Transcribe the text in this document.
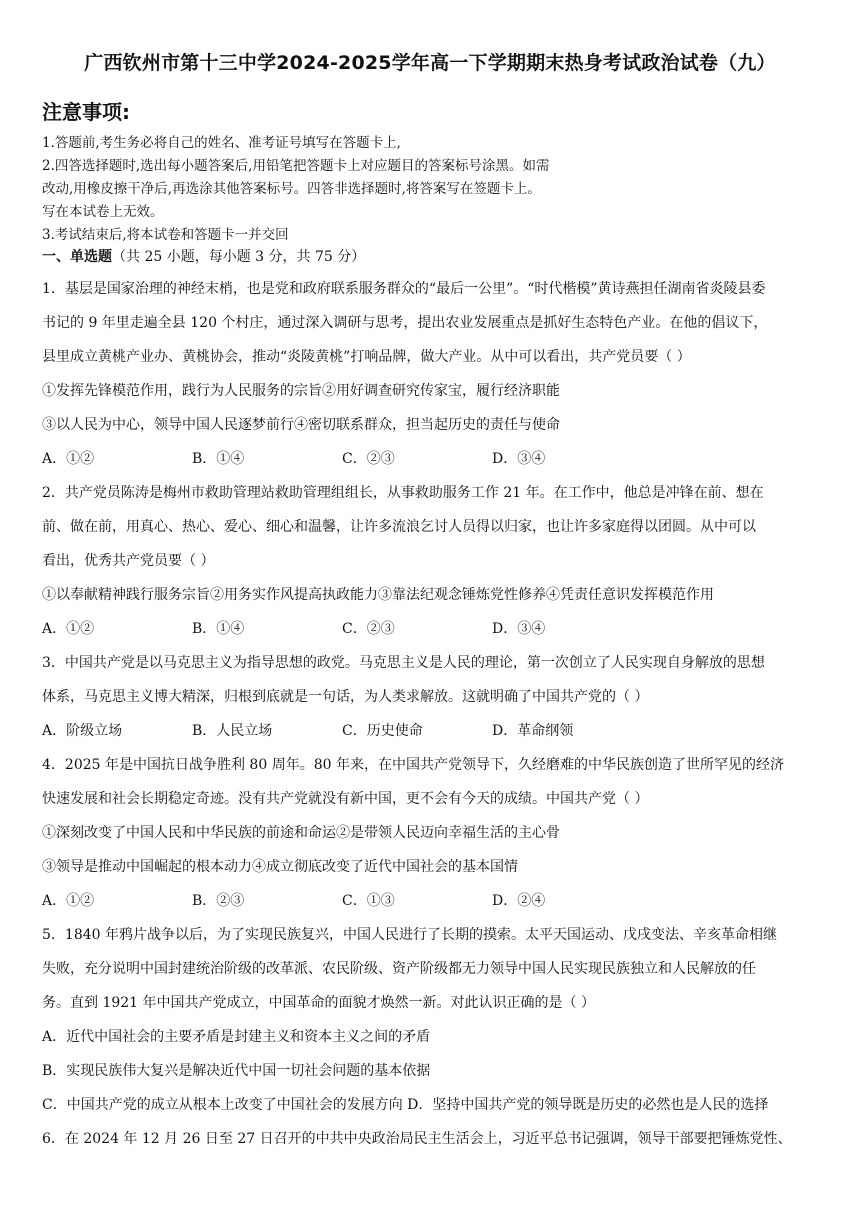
广西钦州市第十三中学2024-2025学年高一下学期期末热身考试政治试卷（九）
注意事项:

1.答题前,考生务必将自己的姓名、准考证号填写在答题卡上,

2.四答选择题时,选出每小题答案后,用铅笔把答题卡上对应题目的答案标号涂黑。如需

改动,用橡皮擦干净后,再选涂其他答案标号。四答非选择题时,将答案写在签题卡上。

写在本试卷上无效。

3.考试结束后,将本试卷和答题卡一并交回

一、单选题（共 25 小题，每小题 3 分，共 75 分）
1．基层是国家治理的神经末梢，也是党和政府联系服务群众的“最后一公里”。“时代楷模”黄诗燕担任湖南省炎陵县委
书记的 9 年里走遍全县 120 个村庄，通过深入调研与思考，提出农业发展重点是抓好生态特色产业。在他的倡议下，
县里成立黄桃产业办、黄桃协会，推动“炎陵黄桃”打响品牌，做大产业。从中可以看出，共产党员要（ ）
①发挥先锋模范作用，践行为人民服务的宗旨②用好调查研究传家宝，履行经济职能
③以人民为中心，领导中国人民逐梦前行④密切联系群众，担当起历史的责任与使命
A．①②	B．①④	C．②③	D．③④
2．共产党员陈涛是梅州市救助管理站救助管理组组长，从事救助服务工作 21 年。在工作中，他总是冲锋在前、想在
前、做在前，用真心、热心、爱心、细心和温馨，让许多流浪乞讨人员得以归家，也让许多家庭得以团圆。从中可以
看出，优秀共产党员要（ ）
①以奉献精神践行服务宗旨②用务实作风提高执政能力③靠法纪观念锤炼党性修养④凭责任意识发挥模范作用
A．①②	B．①④	C．②③	D．③④
3．中国共产党是以马克思主义为指导思想的政党。马克思主义是人民的理论，第一次创立了人民实现自身解放的思想
体系，马克思主义博大精深，归根到底就是一句话，为人类求解放。这就明确了中国共产党的（ ）
A．阶级立场	B．人民立场	C．历史使命	D．革命纲领
4．2025 年是中国抗日战争胜利 80 周年。80 年来，在中国共产党领导下，久经磨难的中华民族创造了世所罕见的经济
快速发展和社会长期稳定奇迹。没有共产党就没有新中国，更不会有今天的成绩。中国共产党（ ）
①深刻改变了中国人民和中华民族的前途和命运②是带领人民迈向幸福生活的主心骨
③领导是推动中国崛起的根本动力④成立彻底改变了近代中国社会的基本国情
A．①②	B．②③	C．①③	D．②④
5．1840 年鸦片战争以后，为了实现民族复兴，中国人民进行了长期的摸索。太平天国运动、戊戌变法、辛亥革命相继
失败，充分说明中国封建统治阶级的改革派、农民阶级、资产阶级都无力领导中国人民实现民族独立和人民解放的任
务。直到 1921 年中国共产党成立，中国革命的面貌才焕然一新。对此认识正确的是（ ）
A．近代中国社会的主要矛盾是封建主义和资本主义之间的矛盾
B．实现民族伟大复兴是解决近代中国一切社会问题的基本依据
C．中国共产党的成立从根本上改变了中国社会的发展方向 D．坚持中国共产党的领导既是历史的必然也是人民的选择
6．在 2024 年 12 月 26 日至 27 日召开的中共中央政治局民主生活会上，习近平总书记强调，领导干部要把锤炼党性、
